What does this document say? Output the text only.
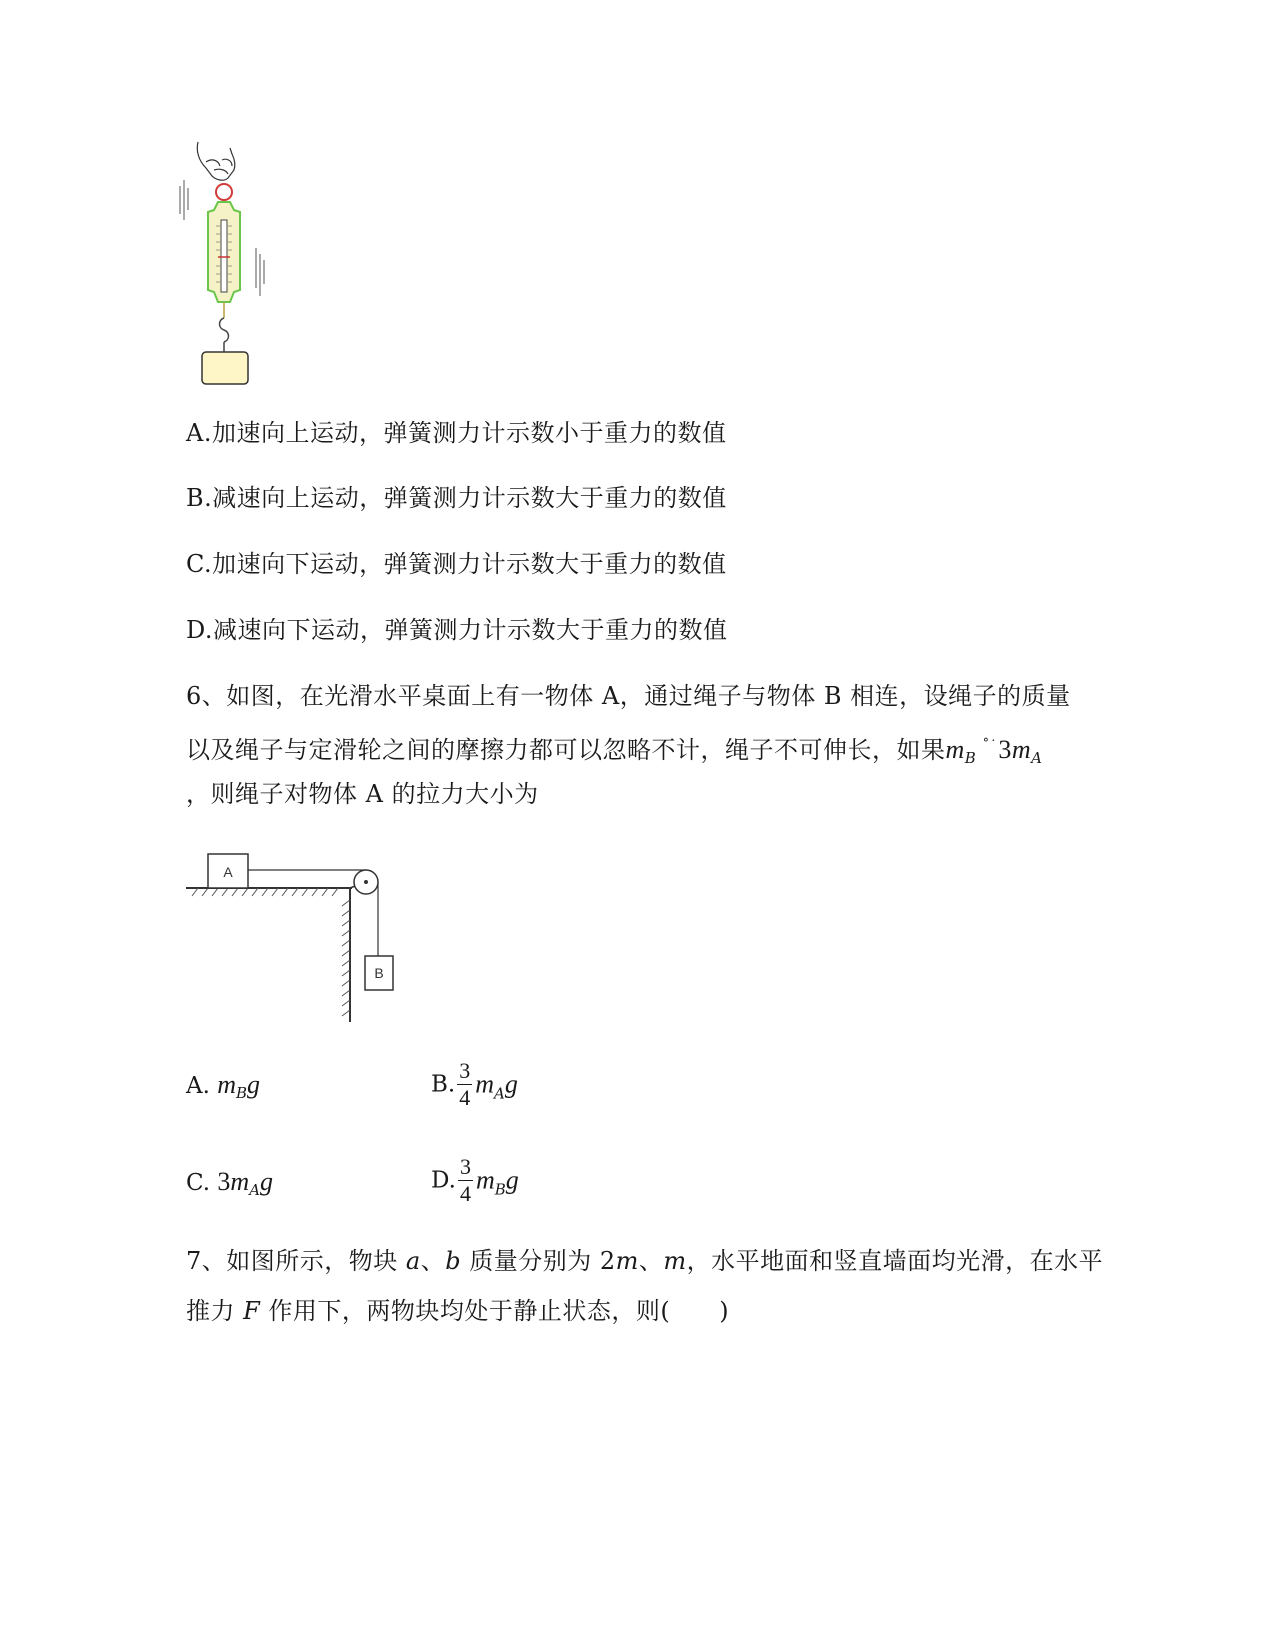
A.加速向上运动，弹簧测力计示数小于重力的数值
B.减速向上运动，弹簧测力计示数大于重力的数值
C.加速向下运动，弹簧测力计示数大于重力的数值
D.减速向下运动，弹簧测力计示数大于重力的数值
6、如图，在光滑水平桌面上有一物体 A，通过绳子与物体 B 相连，设绳子的质量
以及绳子与定滑轮之间的摩擦力都可以忽略不计，绳子不可伸长，如果$m_B^{˚˙}3m_A$
，则绳子对物体 A 的拉力大小为
A
B
A. $m_Bg$	B. $\frac{3}{4} m_Ag$
C. $3m_Ag$	D. $\frac{3}{4} m_Bg$
7、如图所示，物块 a、b 质量分别为 2m、m，水平地面和竖直墙面均光滑，在水平
推力 F 作用下，两物块均处于静止状态，则(　　)
